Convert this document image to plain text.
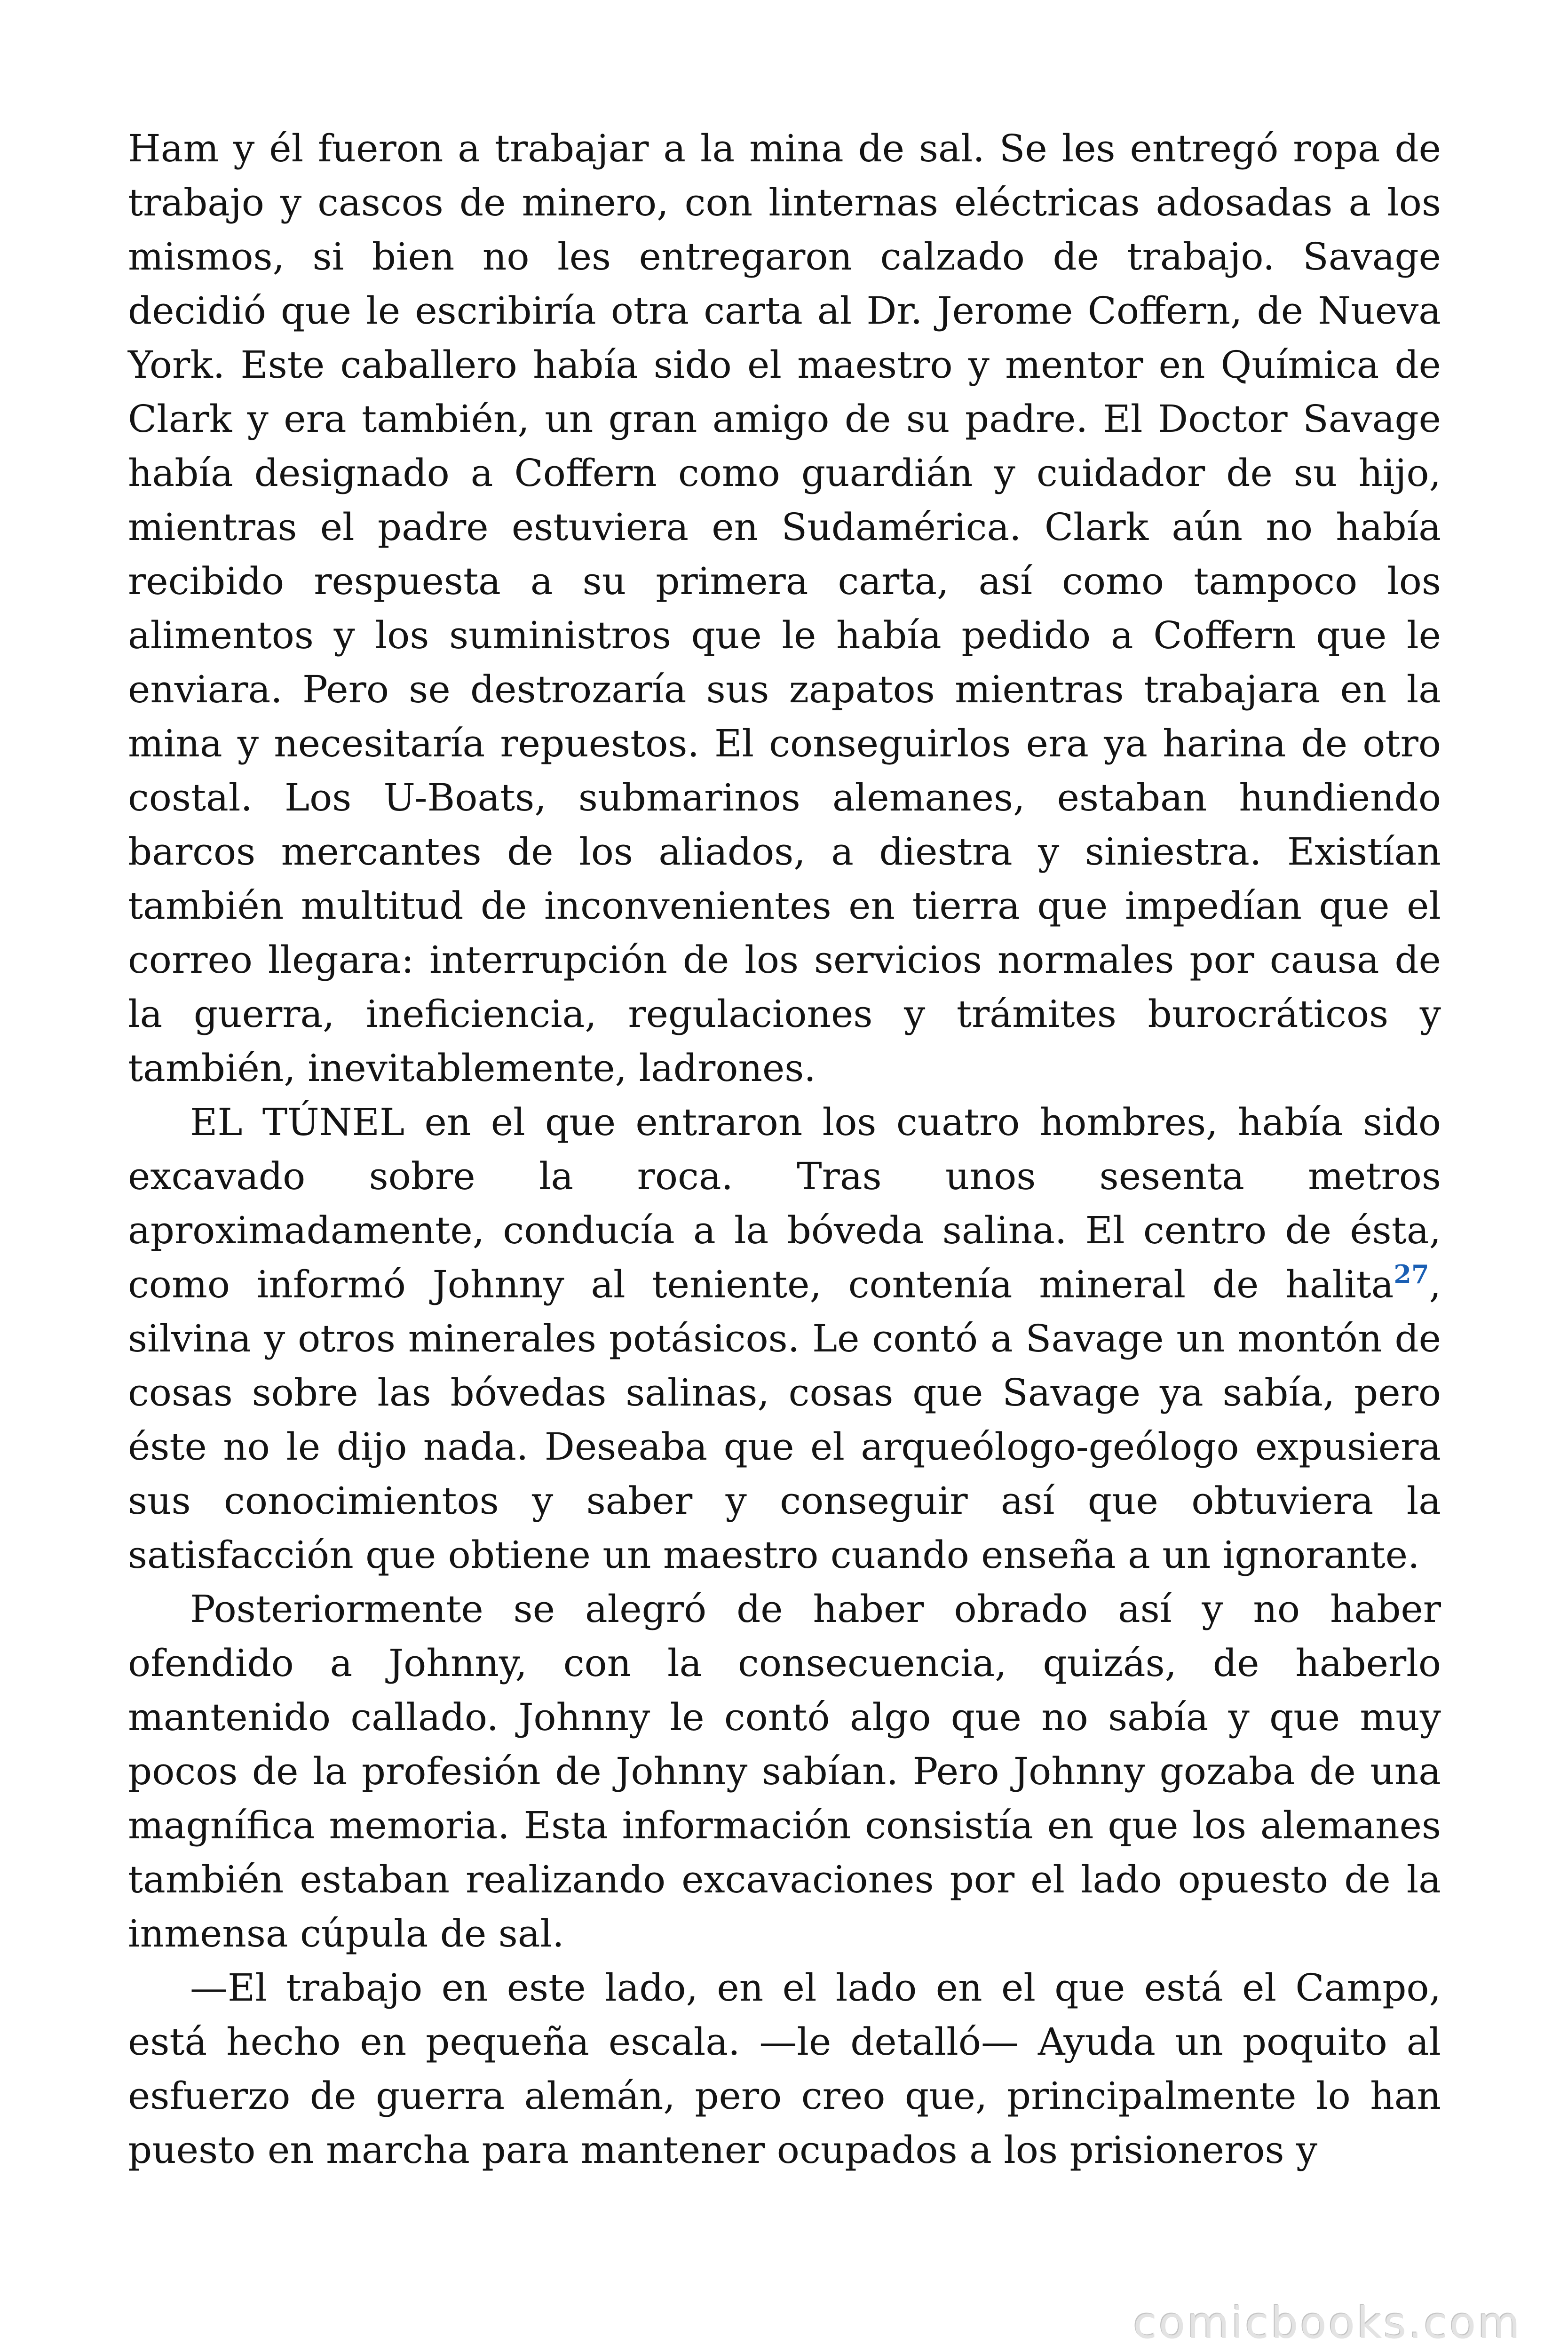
Ham y él fueron a trabajar a la mina de sal. Se les entregó ropa de trabajo y cascos de minero, con linternas eléctricas adosadas a los mismos, si bien no les entregaron calzado de trabajo. Savage decidió que le escribiría otra carta al Dr. Jerome Coffern, de Nueva York. Este caballero había sido el maestro y mentor en Química de Clark y era también, un gran amigo de su padre. El Doctor Savage había designado a Coffern como guardián y cuidador de su hijo, mientras el padre estuviera en Sudamérica. Clark aún no había recibido respuesta a su primera carta, así como tampoco los alimentos y los suministros que le había pedido a Coffern que le enviara. Pero se destrozaría sus zapatos mientras trabajara en la mina y necesitaría repuestos. El conseguirlos era ya harina de otro costal. Los U-Boats, submarinos alemanes, estaban hundiendo barcos mercantes de los aliados, a diestra y siniestra. Existían también multitud de inconvenientes en tierra que impedían que el correo llegara: interrupción de los servicios normales por causa de la guerra, ineficiencia, regulaciones y trámites burocráticos y también, inevitablemente, ladrones.

EL TÚNEL en el que entraron los cuatro hombres, había sido excavado sobre la roca. Tras unos sesenta metros aproximadamente, conducía a la bóveda salina. El centro de ésta, como informó Johnny al teniente, contenía mineral de halita$^{27}$, silvina y otros minerales potásicos. Le contó a Savage un montón de cosas sobre las bóvedas salinas, cosas que Savage ya sabía, pero éste no le dijo nada. Deseaba que el arqueólogo-geólogo expusiera sus conocimientos y saber y conseguir así que obtuviera la satisfacción que obtiene un maestro cuando enseña a un ignorante.

Posteriormente se alegró de haber obrado así y no haber ofendido a Johnny, con la consecuencia, quizás, de haberlo mantenido callado. Johnny le contó algo que no sabía y que muy pocos de la profesión de Johnny sabían. Pero Johnny gozaba de una magnífica memoria. Esta información consistía en que los alemanes también estaban realizando excavaciones por el lado opuesto de la inmensa cúpula de sal.

—El trabajo en este lado, en el lado en el que está el Campo, está hecho en pequeña escala. —le detalló— Ayuda un poquito al esfuerzo de guerra alemán, pero creo que, principalmente lo han puesto en marcha para mantener ocupados a los prisioneros y

comicbooks.com
